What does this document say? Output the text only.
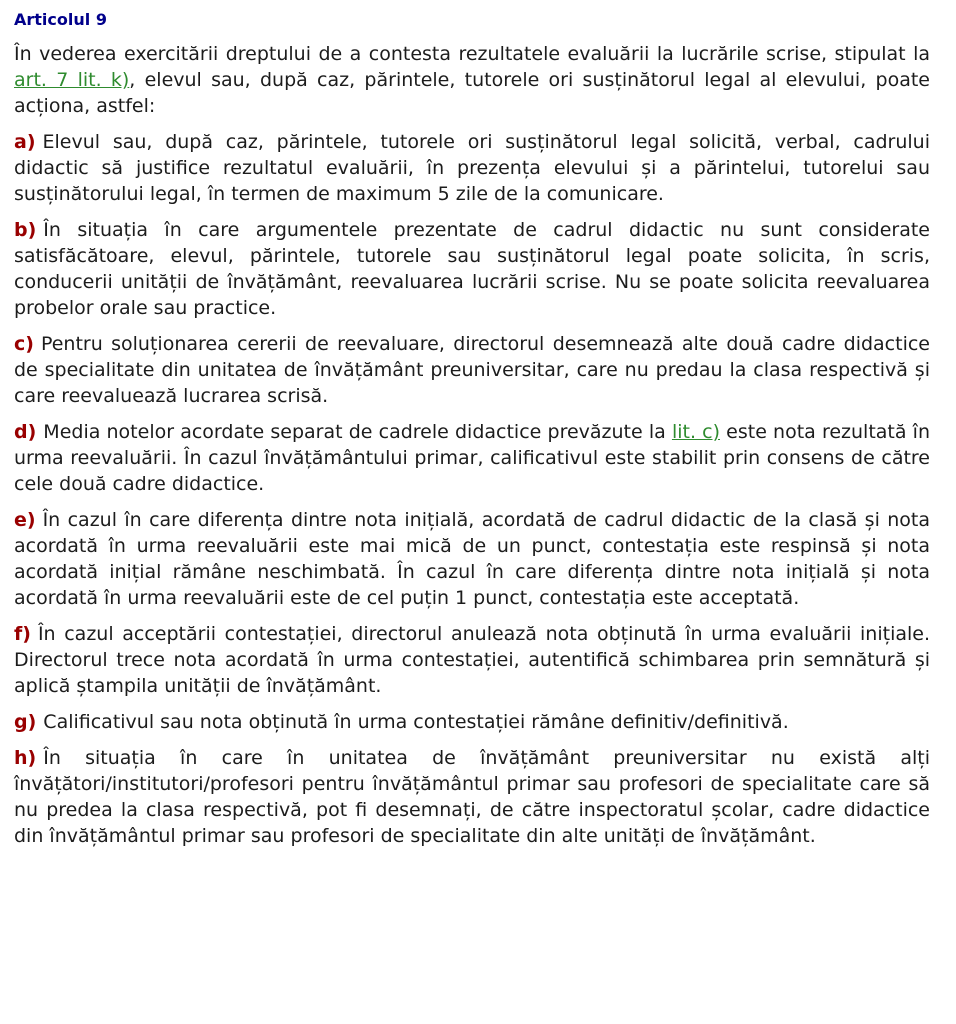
Articolul 9

În vederea exercitării dreptului de a contesta rezultatele evaluării la lucrările scrise, stipulat la art. 7 lit. k), elevul sau, după caz, părintele, tutorele ori susținătorul legal al elevului, poate acționa, astfel:

a) Elevul sau, după caz, părintele, tutorele ori susținătorul legal solicită, verbal, cadrului didactic să justifice rezultatul evaluării, în prezența elevului și a părintelui, tutorelui sau susținătorului legal, în termen de maximum 5 zile de la comunicare.

b) În situația în care argumentele prezentate de cadrul didactic nu sunt considerate satisfăcătoare, elevul, părintele, tutorele sau susținătorul legal poate solicita, în scris, conducerii unității de învățământ, reevaluarea lucrării scrise. Nu se poate solicita reevaluarea probelor orale sau practice.

c) Pentru soluționarea cererii de reevaluare, directorul desemnează alte două cadre didactice de specialitate din unitatea de învățământ preuniversitar, care nu predau la clasa respectivă și care reevaluează lucrarea scrisă.

d) Media notelor acordate separat de cadrele didactice prevăzute la lit. c) este nota rezultată în urma reevaluării. În cazul învățământului primar, calificativul este stabilit prin consens de către cele două cadre didactice.

e) În cazul în care diferența dintre nota inițială, acordată de cadrul didactic de la clasă și nota acordată în urma reevaluării este mai mică de un punct, contestația este respinsă și nota acordată inițial rămâne neschimbată. În cazul în care diferența dintre nota inițială și nota acordată în urma reevaluării este de cel puțin 1 punct, contestația este acceptată.

f) În cazul acceptării contestației, directorul anulează nota obținută în urma evaluării inițiale. Directorul trece nota acordată în urma contestației, autentifică schimbarea prin semnătură și aplică ștampila unității de învățământ.

g) Calificativul sau nota obținută în urma contestației rămâne definitiv/definitivă.

h) În situația în care în unitatea de învățământ preuniversitar nu există alți învățători/institutori/profesori pentru învățământul primar sau profesori de specialitate care să nu predea la clasa respectivă, pot fi desemnați, de către inspectoratul școlar, cadre didactice din învățământul primar sau profesori de specialitate din alte unități de învățământ.
